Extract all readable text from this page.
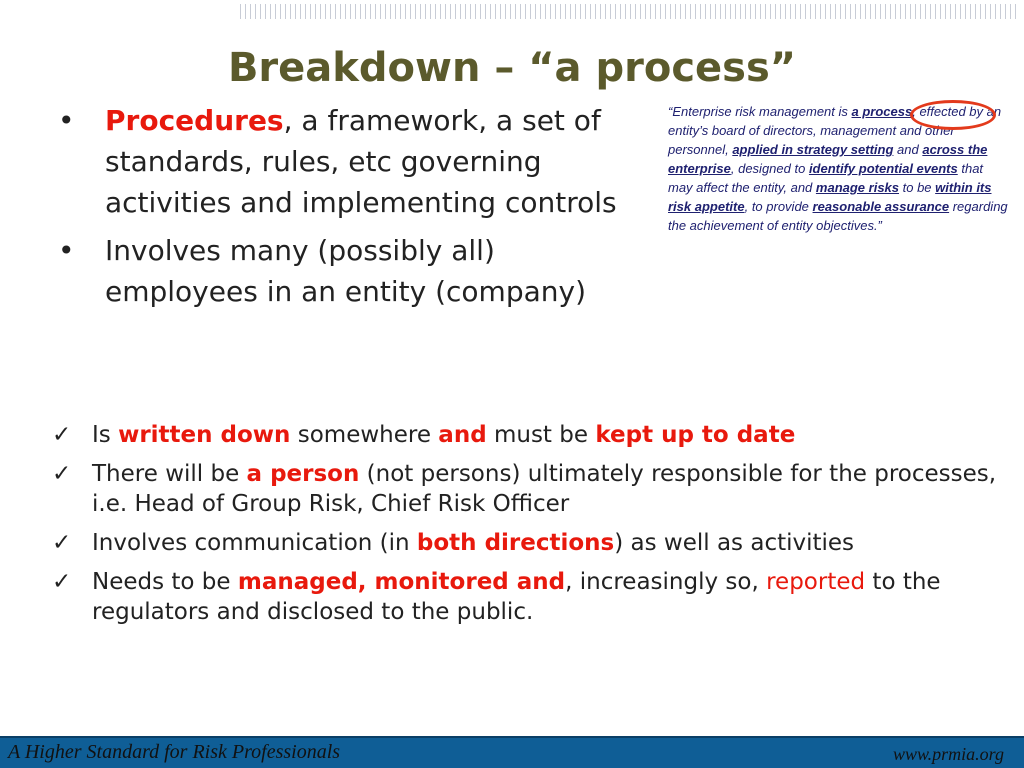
Breakdown – “a process”
• Procedures, a framework, a set of standards, rules, etc governing activities and implementing controls
• Involves many (possibly all) employees in an entity (company)
“Enterprise risk management is a process, effected by an entity’s board of directors, management and other personnel, applied in strategy setting and across the enterprise, designed to identify potential events that may affect the entity, and manage risks to be within its risk appetite, to provide reasonable assurance regarding the achievement of entity objectives.”
✓ Is written down somewhere and must be kept up to date
✓ There will be a person (not persons) ultimately responsible for the processes, i.e. Head of Group Risk, Chief Risk Officer
✓ Involves communication (in both directions) as well as activities
✓ Needs to be managed, monitored and, increasingly so, reported to the regulators and disclosed to the public.
A Higher Standard for Risk Professionals	www.prmia.org
